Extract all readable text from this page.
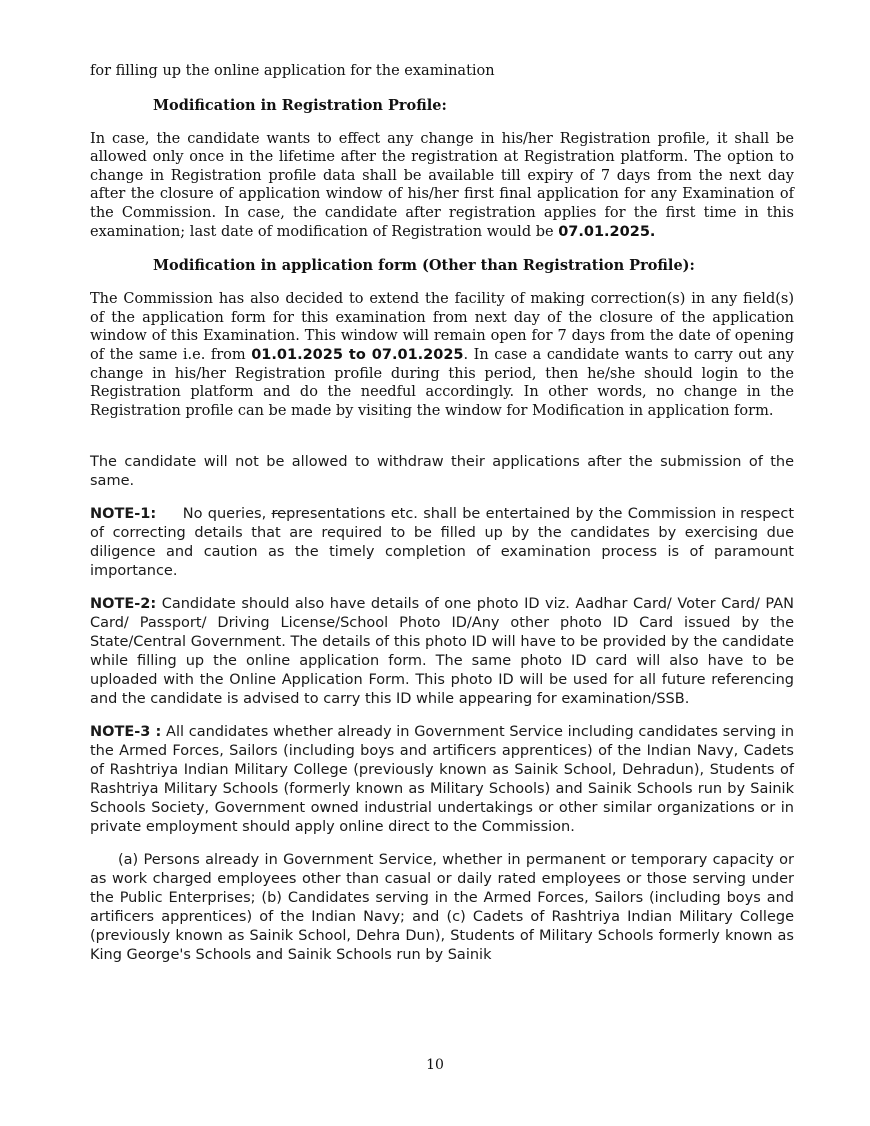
for filling up the online application for the examination

Modification in Registration Profile:

In case, the candidate wants to effect any change in his/her Registration profile, it shall be allowed only once in the lifetime after the registration at Registration platform. The option to change in Registration profile data shall be available till expiry of 7 days from the next day after the closure of application window of his/her first final application for any Examination of the Commission. In case, the candidate after registration applies for the first time in this examination; last date of modification of Registration would be 07.01.2025.

Modification in application form (Other than Registration Profile):

The Commission has also decided to extend the facility of making correction(s) in any field(s) of the application form for this examination from next day of the closure of the application window of this Examination. This window will remain open for 7 days from the date of opening of the same i.e. from 01.01.2025 to 07.01.2025. In case a candidate wants to carry out any change in his/her Registration profile during this period, then he/she should login to the Registration platform and do the needful accordingly. In other words, no change in the Registration profile can be made by visiting the window for Modification in application form.

The candidate will not be allowed to withdraw their applications after the submission of the same.

NOTE-1: No queries, representations etc. shall be entertained by the Commission in respect of correcting details that are required to be filled up by the candidates by exercising due diligence and caution as the timely completion of examination process is of paramount importance.

NOTE-2: Candidate should also have details of one photo ID viz. Aadhar Card/ Voter Card/ PAN Card/ Passport/ Driving License/School Photo ID/Any other photo ID Card issued by the State/Central Government. The details of this photo ID will have to be provided by the candidate while filling up the online application form. The same photo ID card will also have to be uploaded with the Online Application Form. This photo ID will be used for all future referencing and the candidate is advised to carry this ID while appearing for examination/SSB.

NOTE-3 : All candidates whether already in Government Service including candidates serving in the Armed Forces, Sailors (including boys and artificers apprentices) of the Indian Navy, Cadets of Rashtriya Indian Military College (previously known as Sainik School, Dehradun), Students of Rashtriya Military Schools (formerly known as Military Schools) and Sainik Schools run by Sainik Schools Society, Government owned industrial undertakings or other similar organizations or in private employment should apply online direct to the Commission.

(a) Persons already in Government Service, whether in permanent or temporary capacity or as work charged employees other than casual or daily rated employees or those serving under the Public Enterprises; (b) Candidates serving in the Armed Forces, Sailors (including boys and artificers apprentices) of the Indian Navy; and (c) Cadets of Rashtriya Indian Military College (previously known as Sainik School, Dehra Dun), Students of Military Schools formerly known as King George's Schools and Sainik Schools run by Sainik

10
